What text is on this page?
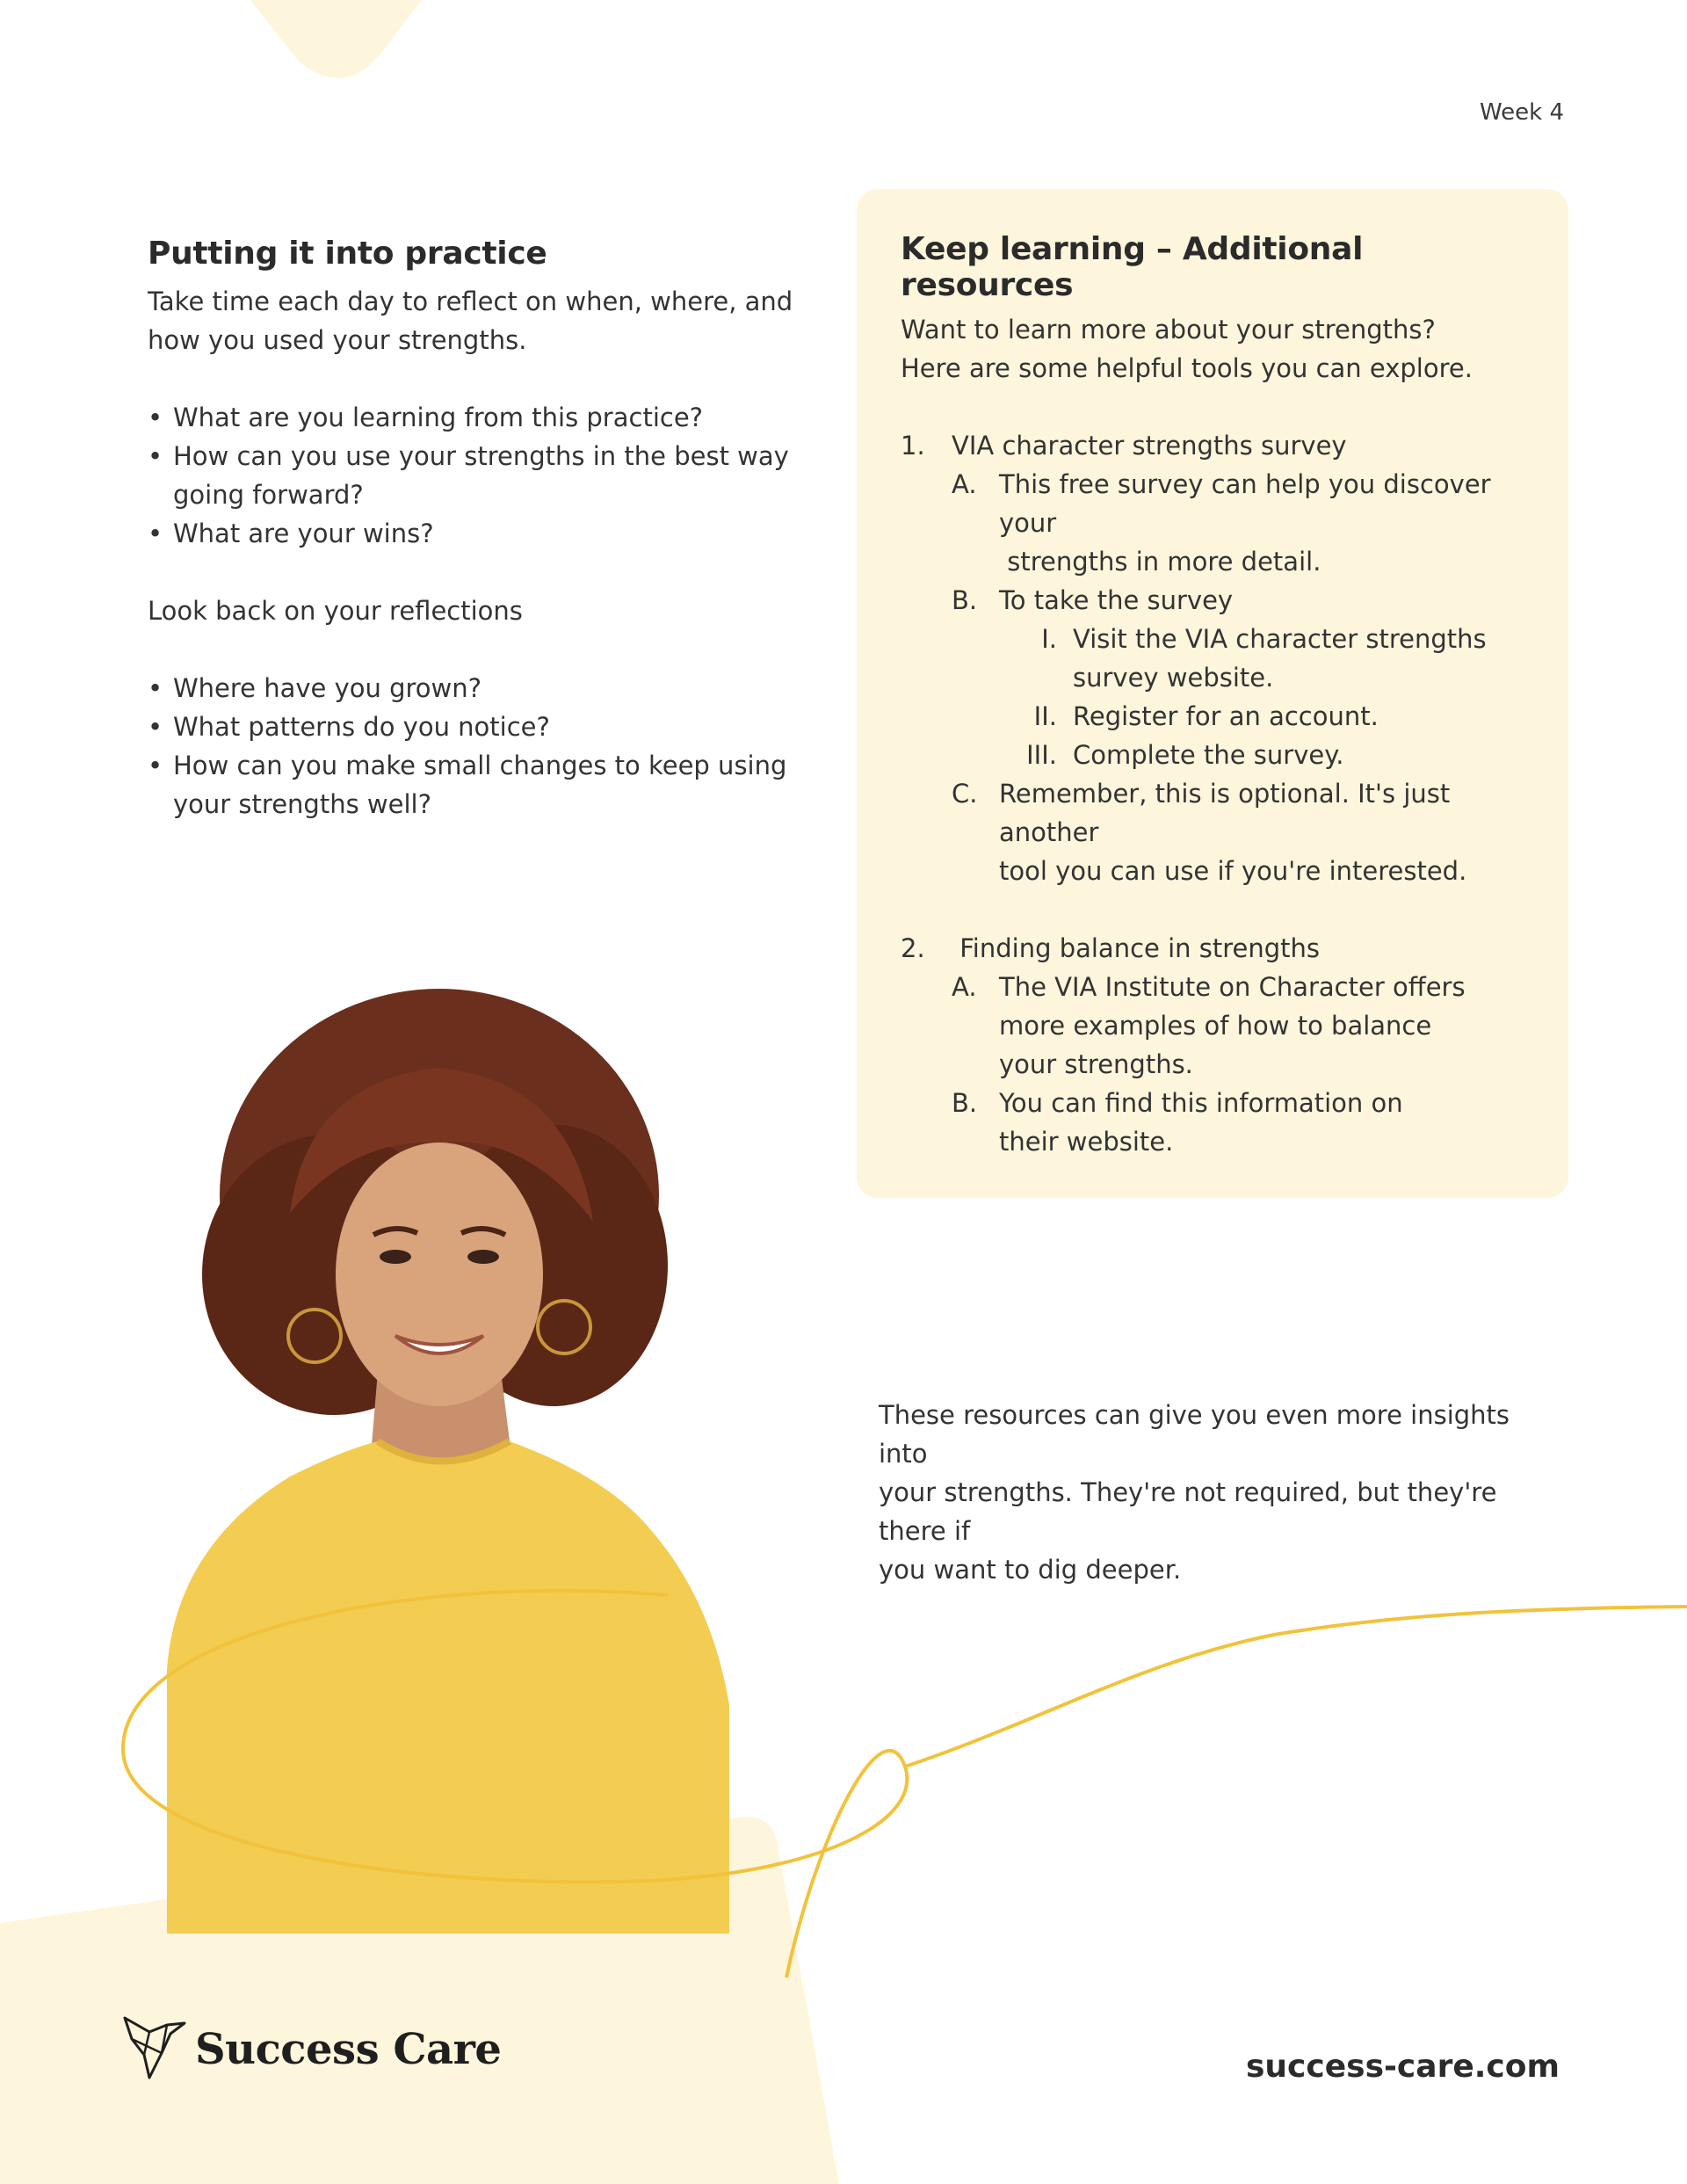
Week 4
Putting it into practice

Take time each day to reflect on when, where, and
how you used your strengths.

• What are you learning from this practice?
• How can you use your strengths in the best way
going forward?
• What are your wins?

Look back on your reflections

• Where have you grown?
• What patterns do you notice?
• How can you make small changes to keep using
your strengths well?
Keep learning – Additional resources

Want to learn more about your strengths?
Here are some helpful tools you can explore.

1. VIA character strengths survey
A. This free survey can help you discover your
strengths in more detail.
B. To take the survey
I. Visit the VIA character strengths
survey website.
II. Register for an account.
III. Complete the survey.
C. Remember, this is optional. It's just another
tool you can use if you're interested.
2. Finding balance in strengths
A. The VIA Institute on Character offers
more examples of how to balance
your strengths.
B. You can find this information on
their website.
These resources can give you even more insights into
your strengths. They're not required, but they're there if
you want to dig deeper.
Success Care	success-care.com
